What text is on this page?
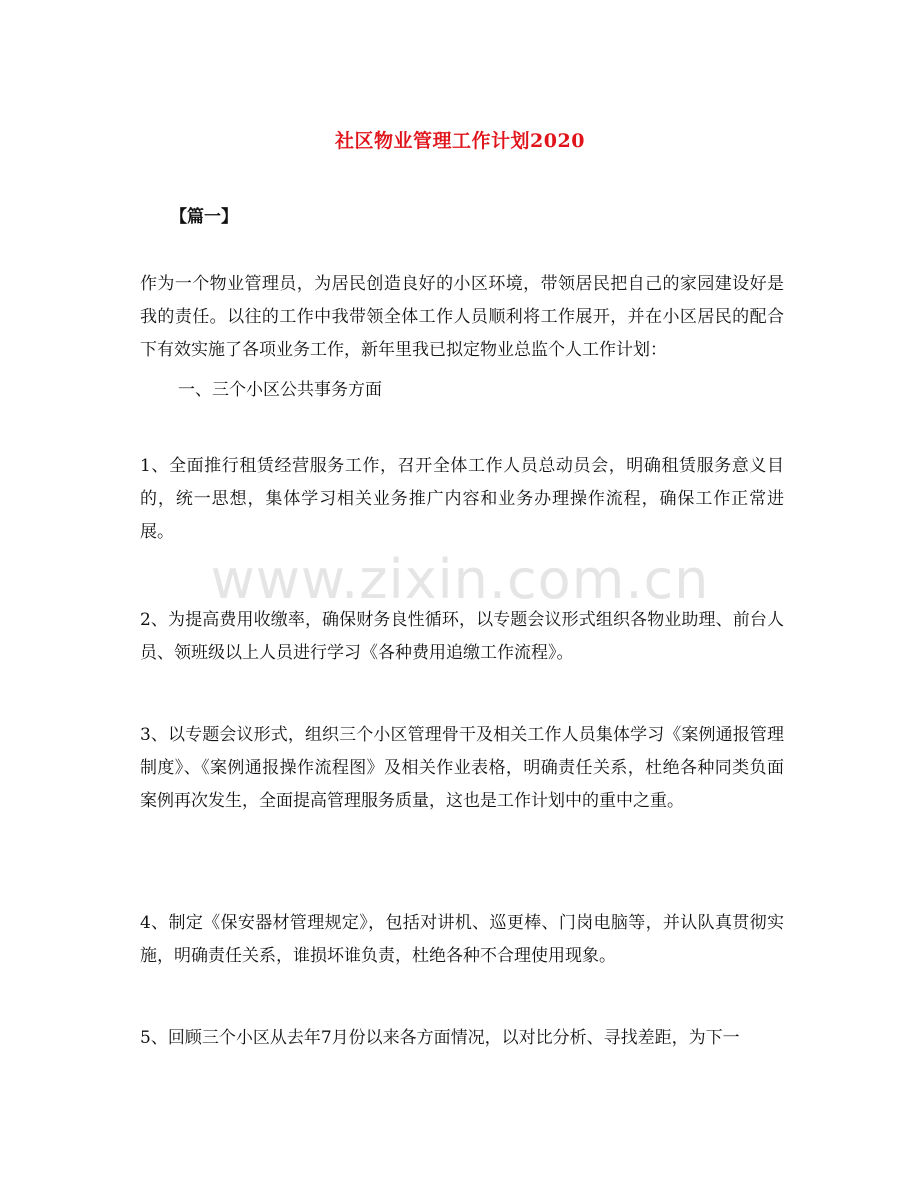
社区物业管理工作计划2020
【篇一】
作为一个物业管理员，为居民创造良好的小区环境，带领居民把自己的家园建设好是我的责任。以往的工作中我带领全体工作人员顺利将工作展开，并在小区居民的配合下有效实施了各项业务工作，新年里我已拟定物业总监个人工作计划：
一、三个小区公共事务方面
1、全面推行租赁经营服务工作，召开全体工作人员总动员会，明确租赁服务意义目的，统一思想，集体学习相关业务推广内容和业务办理操作流程，确保工作正常进展。
2、为提高费用收缴率，确保财务良性循环，以专题会议形式组织各物业助理、前台人员、领班级以上人员进行学习《各种费用追缴工作流程》。
3、以专题会议形式，组织三个小区管理骨干及相关工作人员集体学习《案例通报管理制度》、《案例通报操作流程图》及相关作业表格，明确责任关系，杜绝各种同类负面案例再次发生，全面提高管理服务质量，这也是工作计划中的重中之重。
4、制定《保安器材管理规定》，包括对讲机、巡更棒、门岗电脑等，并认队真贯彻实施，明确责任关系，谁损坏谁负责，杜绝各种不合理使用现象。
5、回顾三个小区从去年7月份以来各方面情况，以对比分析、寻找差距，为下一
www.zixin.com.cn
